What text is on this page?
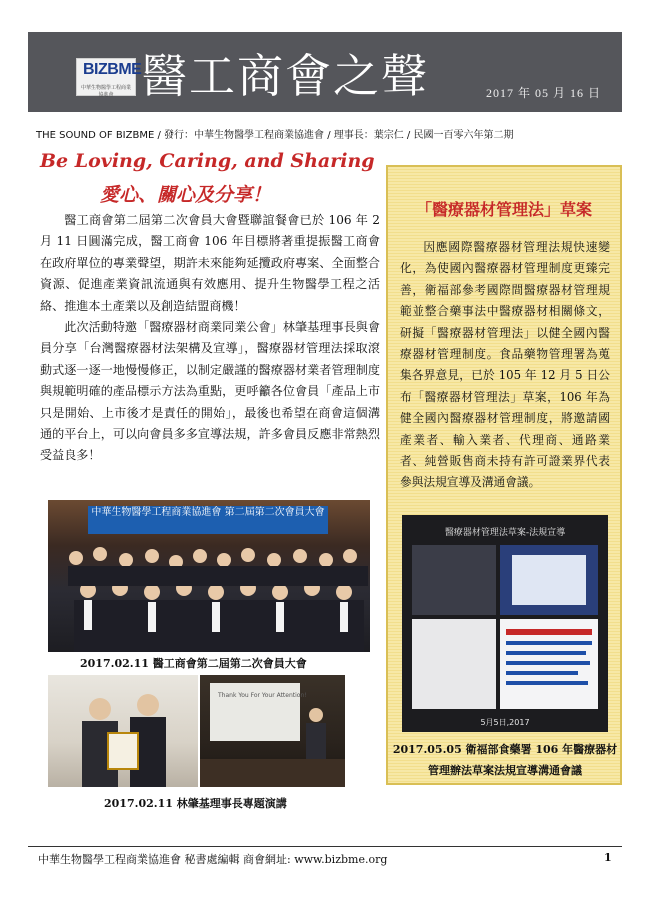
BIZBME
中華生物醫學工程商業協進會 醫工商會之聲	2017 年 05 月 16 日
THE SOUND OF BIZBME / 發行：中華生物醫學工程商業協進會 / 理事長：葉宗仁 / 民國一百零六年第二期
Be Loving, Caring, and Sharing
愛心、關心及分享！

醫工商會第二屆第二次會員大會暨聯誼餐會已於 106 年 2 月 11 日圓滿完成，醫工商會 106 年目標將著重提振醫工商會在政府單位的專業聲望，期許未來能夠延攬政府專案、全面整合資源、促進產業資訊流通與有效應用、提升生物醫學工程之活絡、推進本土產業以及創造結盟商機！

此次活動特邀「醫療器材商業同業公會」林肇基理事長與會員分享「台灣醫療器材法架構及宣導」，醫療器材管理法採取滾動式逐一逐一地慢慢修正，以制定嚴謹的醫療器材業者管理制度與規範明確的產品標示方法為重點，更呼籲各位會員「產品上市只是開始、上市後才是責任的開始」，最後也希望在商會這個溝通的平台上，可以向會員多多宣導法規，許多會員反應非常熱烈受益良多！

中華生物醫學工程商業協進會 第二屆第二次會員大會
2017.02.11 醫工商會第二屆第二次會員大會
Thank You For Your Attention!
2017.02.11 林肇基理事長專題演講
「醫療器材管理法」草案

因應國際醫療器材管理法規快速變化，為使國內醫療器材管理制度更臻完善，衛福部參考國際間醫療器材管理規範並整合藥事法中醫療器材相關條文，研擬「醫療器材管理法」以健全國內醫療器材管理制度。食品藥物管理署為蒐集各界意見，已於 105 年 12 月 5 日公布「醫療器材管理法」草案，106 年為健全國內醫療器材管理制度，將邀請國產業者、輸入業者、代理商、通路業者、純營販售商未持有許可證業界代表參與法規宣導及溝通會議。

醫療器材管理法草案-法規宣導
5月5日,2017
2017.05.05 衛福部食藥署 106 年醫療器材管理辦法草案法規宣導溝通會議
中華生物醫學工程商業協進會 秘書處編輯 商會網址: www.bizbme.org	1
